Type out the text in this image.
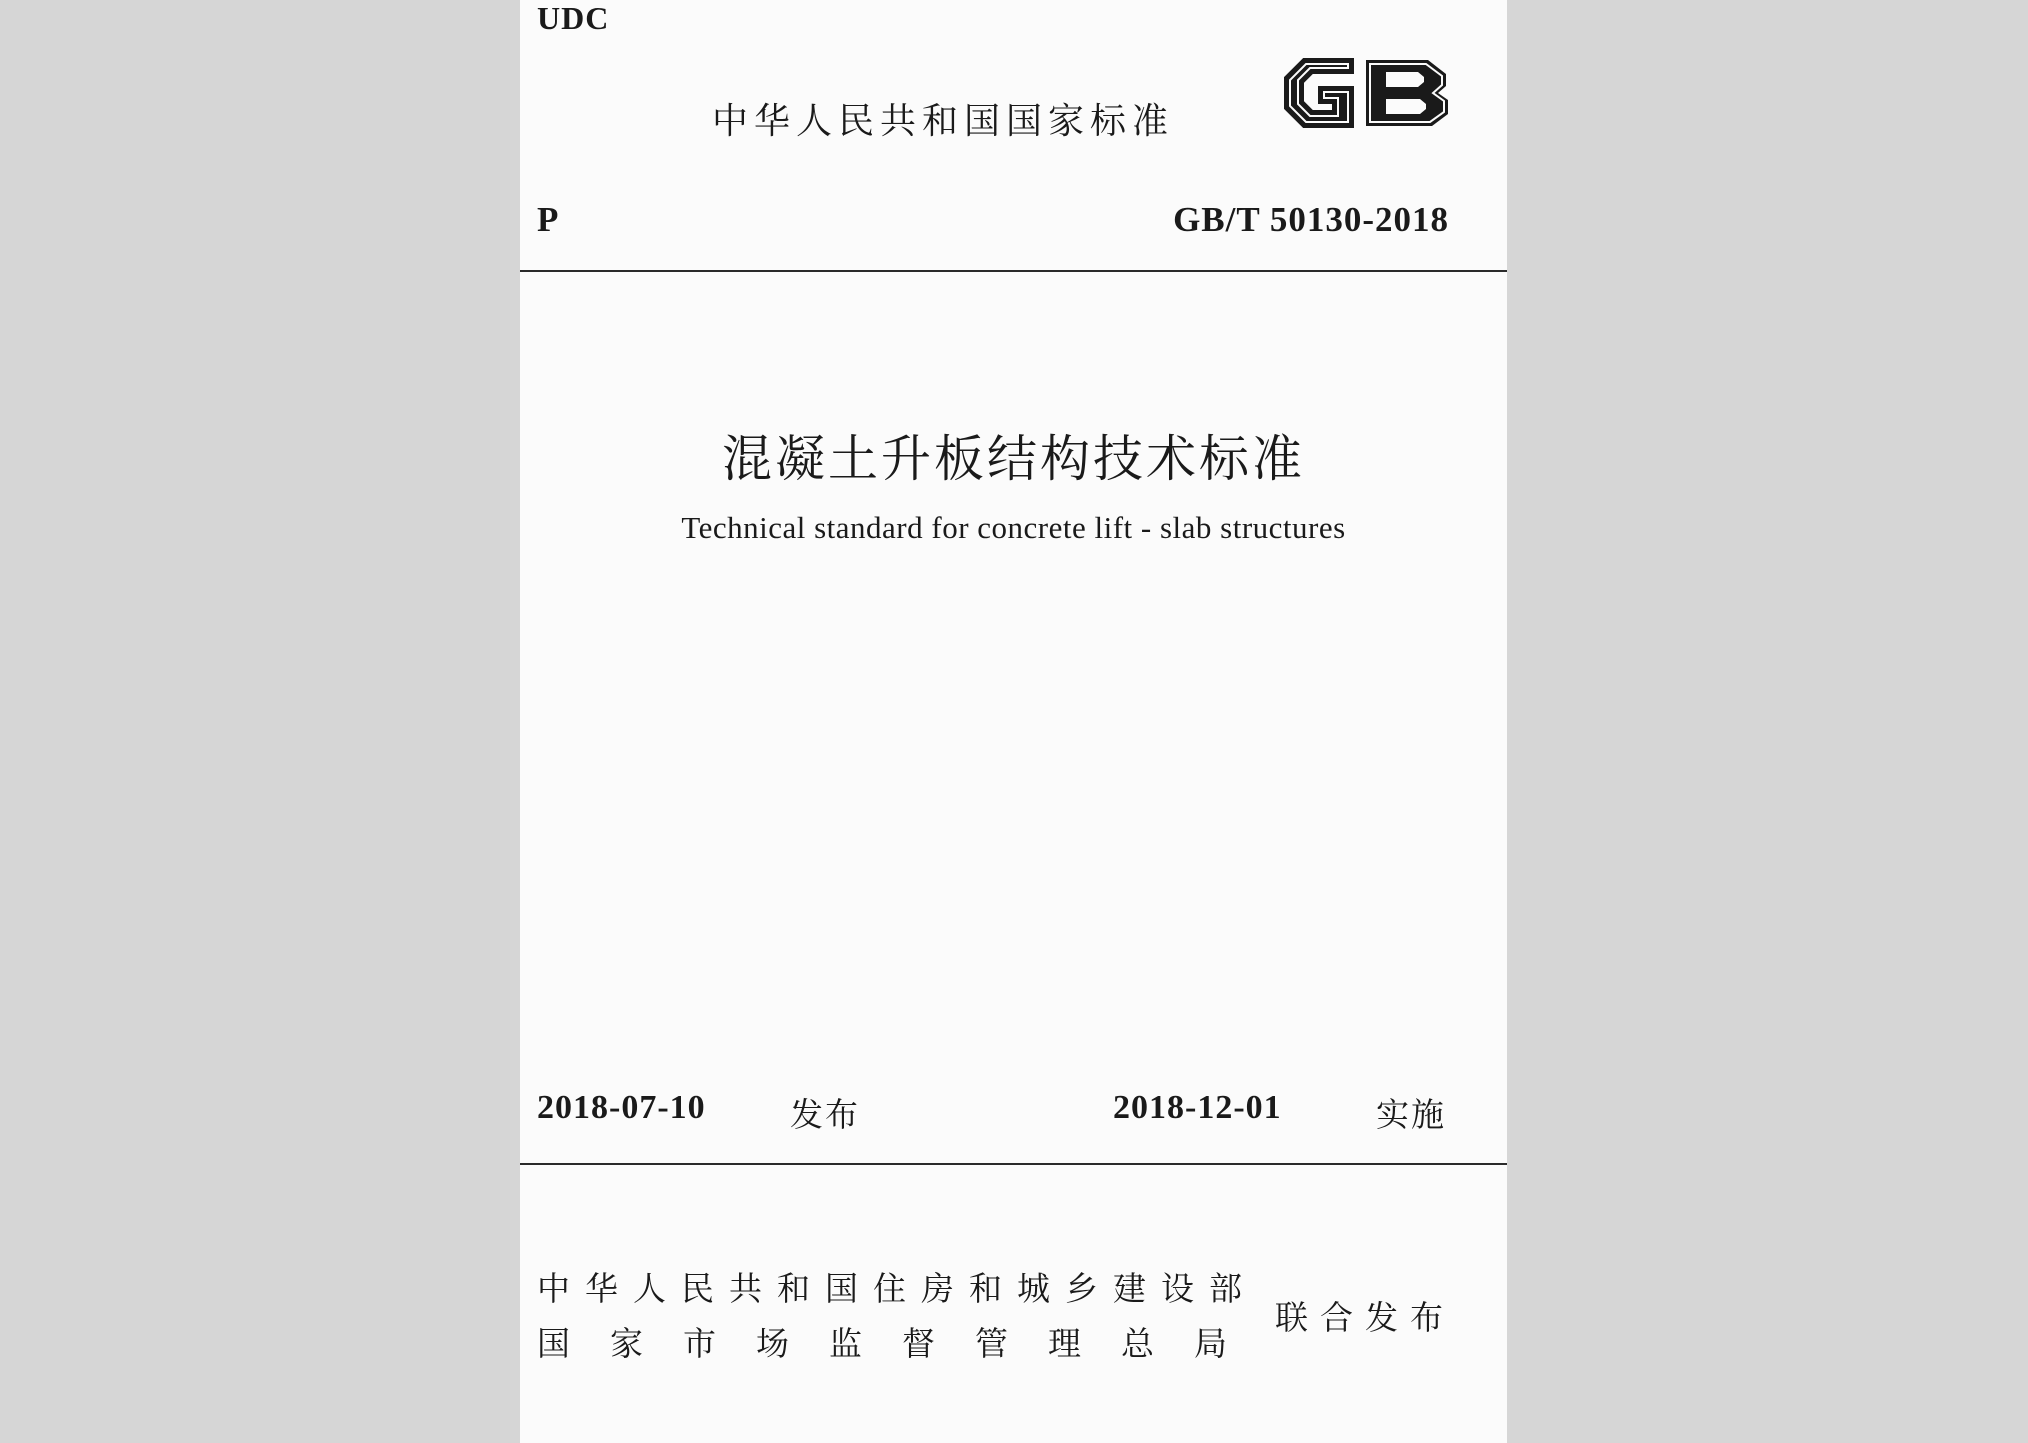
UDC
中华人民共和国国家标准
P	GB/T 50130-2018
混凝土升板结构技术标准
Technical standard for concrete lift - slab structures
2018-07-10	发布	2018-12-01	实施
中华人民共和国住房和城乡建设部
国家市场监督管理总局
联合发布
